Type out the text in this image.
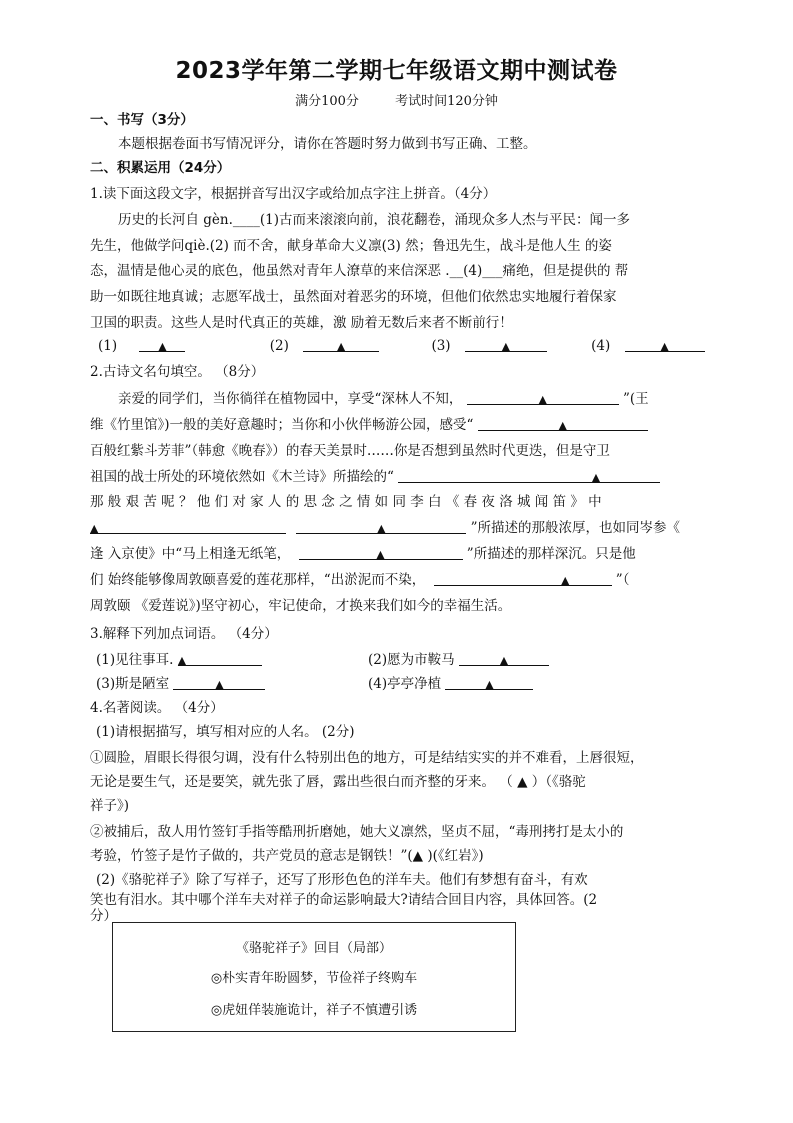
2023学年第二学期七年级语文期中测试卷
满分100分	考试时间120分钟
一、书写（3分）
本题根据卷面书写情况评分，请你在答题时努力做到书写正确、工整。
二、积累运用（24分）
1.读下面这段文字，根据拼音写出汉字或给加点字注上拼音。（4分）
历史的长河自 gèn.____(1)古而来滚滚向前，浪花翻卷，涌现众多人杰与平民：闻一多
先生，他做学问qiè.(2) 而不舍，献身革命大义凛(3) 然；鲁迅先生，战斗是他人生 的姿
态，温情是他心灵的底色，他虽然对青年人潦草的来信深恶 .__(4)___痛绝，但是提供的 帮
助一如既往地真诚；志愿军战士，虽然面对着恶劣的环境，但他们依然忠实地履行着保家
卫国的职责。这些人是时代真正的英雄，激 励着无数后来者不断前行！
(1)	▲	(2)	▲	(3)	▲	(4)	▲
2.古诗文名句填空。 （8分）
亲爱的同学们，当你徜徉在植物园中，享受“深林人不知，	▲	”(王
维《竹里馆》)一般的美好意趣时；当你和小伙伴畅游公园，感受“	▲
百般红紫斗芳菲”（韩愈《晚春》）的春天美景时……你是否想到虽然时代更迭，但是守卫
祖国的战士所处的环境依然如《木兰诗》所描绘的“	▲
那 般 艰 苦 呢 ？ 他 们 对 家 人 的 思 念 之 情 如 同 李 白 《 春 夜 洛 城 闻 笛 》 中
▲	▲	”所描述的那般浓厚，也如同岑参《
逢 入京使》中“马上相逢无纸笔，	▲	”所描述的那样深沉。只是他
们 始终能够像周敦颐喜爱的莲花那样，“出淤泥而不染，	▲	”（
周敦颐 《爱莲说》)坚守初心，牢记使命，才换来我们如今的幸福生活。
3.解释下列加点词语。 （4分）
(1)见往事耳. ▲	(2)愿为市鞍马	▲
(3)斯是陋室	▲	(4)亭亭净植	▲
4.名著阅读。 （4分）
(1)请根据描写，填写相对应的人名。 (2分)
①圆脸，眉眼长得很匀调，没有什么特别出色的地方，可是结结实实的并不难看，上唇很短，
无论是要生气，还是要笑，就先张了唇，露出些很白而齐整的牙来。 （ ▲ ）（《骆驼
祥子》)
②被捕后，敌人用竹签钉手指等酷刑折磨她，她大义凛然，坚贞不屈，“毒刑拷打是太小的
考验，竹签子是竹子做的，共产党员的意志是钢铁！”(▲ )(《红岩》)
(2)《骆驼祥子》除了写祥子，还写了形形色色的洋车夫。他们有梦想有奋斗，有欢
笑也有泪水。其中哪个洋车夫对祥子的命运影响最大?请结合回目内容，具体回答。(2
分）
《骆驼祥子》回目（局部）
◎朴实青年盼圆梦，节俭祥子终购车
◎虎妞佯装施诡计，祥子不慎遭引诱
